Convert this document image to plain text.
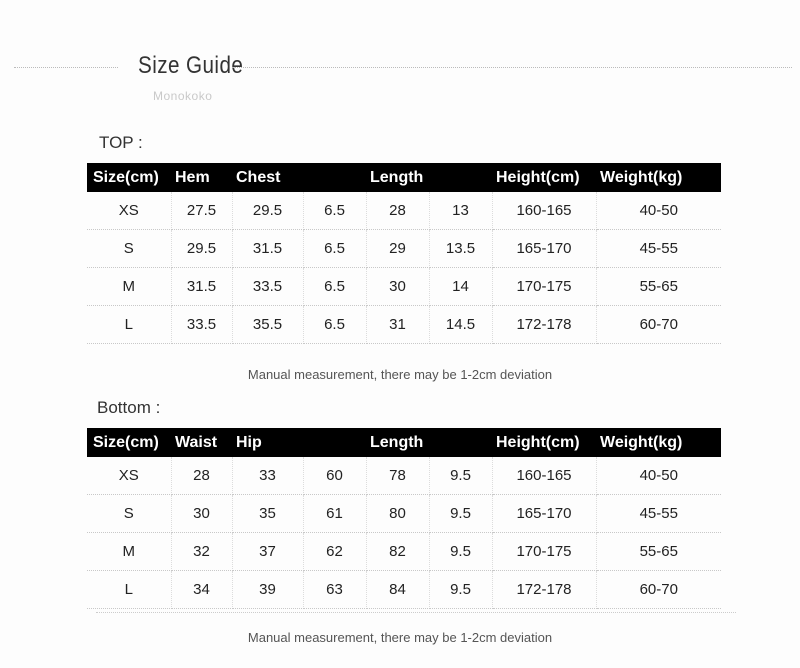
Size Guide
Monokoko
TOP :
Size(cm)	Hem	Chest		Length		Height(cm)	Weight(kg)
XS	27.5	29.5	6.5	28	13	160-165	40-50
S	29.5	31.5	6.5	29	13.5	165-170	45-55
M	31.5	33.5	6.5	30	14	170-175	55-65
L	33.5	35.5	6.5	31	14.5	172-178	60-70
Manual measurement, there may be 1-2cm deviation
Bottom :
Size(cm)	Waist	Hip		Length		Height(cm)	Weight(kg)
XS	28	33	60	78	9.5	160-165	40-50
S	30	35	61	80	9.5	165-170	45-55
M	32	37	62	82	9.5	170-175	55-65
L	34	39	63	84	9.5	172-178	60-70
Manual measurement, there may be 1-2cm deviation
